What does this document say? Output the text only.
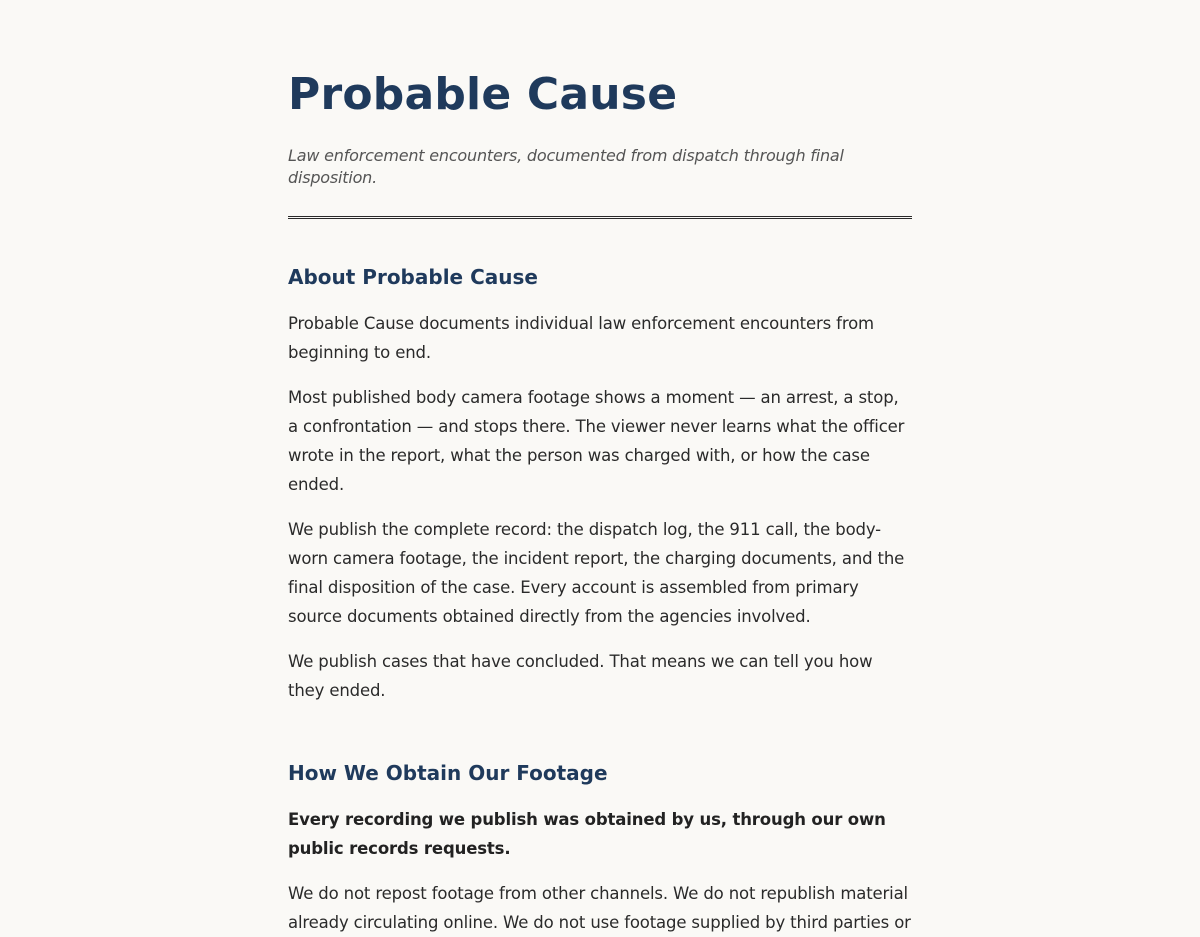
Probable Cause

Law enforcement encounters, documented from dispatch through final disposition.

About Probable Cause

Probable Cause documents individual law enforcement encounters from beginning to end.

Most published body camera footage shows a moment — an arrest, a stop, a confrontation — and stops there. The viewer never learns what the officer wrote in the report, what the person was charged with, or how the case ended.

We publish the complete record: the dispatch log, the 911 call, the body-worn camera footage, the incident report, the charging documents, and the final disposition of the case. Every account is assembled from primary source documents obtained directly from the agencies involved.

We publish cases that have concluded. That means we can tell you how they ended.

How We Obtain Our Footage

Every recording we publish was obtained by us, through our own public records requests.

We do not repost footage from other channels. We do not republish material already circulating online. We do not use footage supplied by third parties or
